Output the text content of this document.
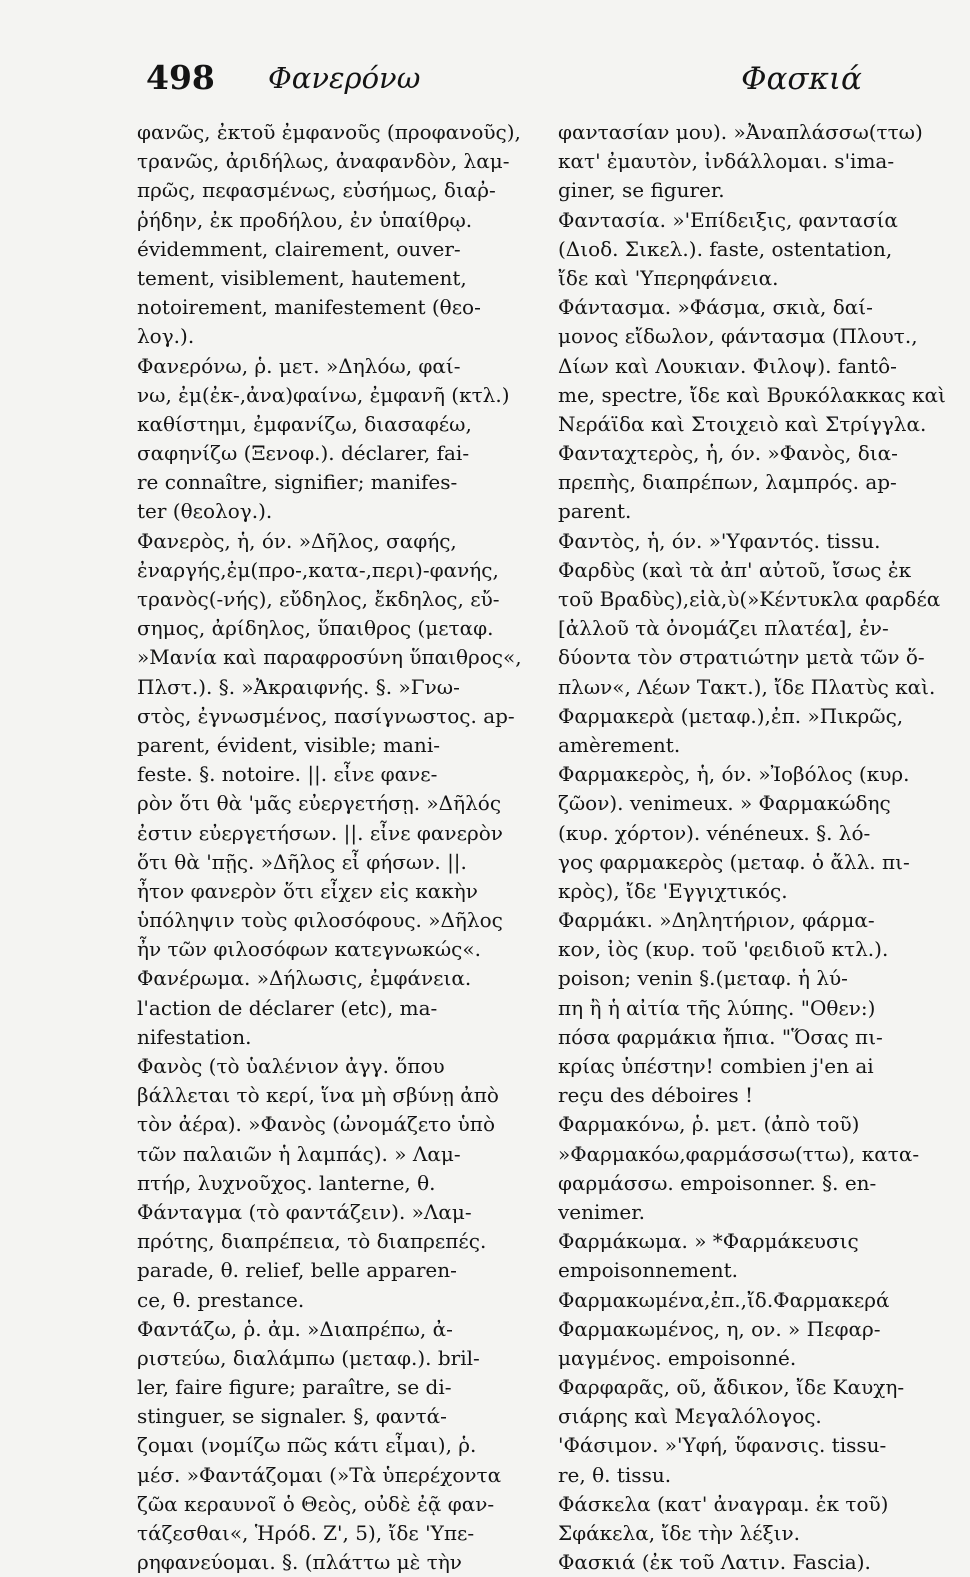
498 Φανερόνω	Φασκιά
φανῶς, ἐκτοῦ ἐμφανοῦς (προφανοῦς),
τρανῶς, ἀριδήλως, ἀναφανδὸν, λαμ-
πρῶς, πεφασμένως, εὐσήμως, διαῤ-
ῥήδην, ἐκ προδήλου, ἐν ὑπαίθρῳ.
évidemment, clairement, ouver-
tement, visiblement, hautement,
notoirement, manifestement (θεο-
λογ.).
Φανερόνω, ῥ. μετ. »Δηλόω, φαί-
νω, ἐμ(ἐκ-,ἀνα)φαίνω, ἐμφανῆ (κτλ.)
καθίστημι, ἐμφανίζω, διασαφέω,
σαφηνίζω (Ξενοφ.). déclarer, fai-
re connaître, signifier; manifes-
ter (θεολογ.).
Φανερὸς, ἡ, όν. »Δῆλος, σαφής,
ἐναργής,ἐμ(προ-,κατα-,περι)-φανής,
τρανὸς(-νής), εὔδηλος, ἔκδηλος, εὔ-
σημος, ἀρίδηλος, ὕπαιθρος (μεταφ.
»Μανία καὶ παραφροσύνη ὕπαιθρος«,
Πλστ.). §. »Ἀκραιφνής. §. »Γνω-
στὸς, ἐγνωσμένος, πασίγνωστος. ap-
parent, évident, visible; mani-
feste. §. notoire. ||. εἶνε φανε-
ρὸν ὅτι θὰ 'μᾶς εὐεργετήσῃ. »Δῆλός
ἐστιν εὐεργετήσων. ||. εἶνε φανερὸν
ὅτι θὰ 'πῇς. »Δῆλος εἶ φήσων. ||.
ἦτον φανερὸν ὅτι εἶχεν εἰς κακὴν
ὑπόληψιν τοὺς φιλοσόφους. »Δῆλος
ἦν τῶν φιλοσόφων κατεγνωκώς«.
Φανέρωμα. »Δήλωσις, ἐμφάνεια.
l'action de déclarer (etc), ma-
nifestation.
Φανὸς (τὸ ὑαλένιον ἀγγ. ὅπου
βάλλεται τὸ κερί, ἵνα μὴ σβύνῃ ἀπὸ
τὸν ἀέρα). »Φανὸς (ὠνομάζετο ὑπὸ
τῶν παλαιῶν ἡ λαμπάς). » Λαμ-
πτήρ, λυχνοῦχος. lanterne, θ.
Φάνταγμα (τὸ φαντάζειν). »Λαμ-
πρότης, διαπρέπεια, τὸ διαπρεπές.
parade, θ. relief, belle apparen-
ce, θ. prestance.
Φαντάζω, ῥ. ἀμ. »Διαπρέπω, ἀ-
ριστεύω, διαλάμπω (μεταφ.). bril-
ler, faire figure; paraître, se di-
stinguer, se signaler. §, φαντά-
ζομαι (νομίζω πῶς κάτι εἶμαι), ῥ.
μέσ. »Φαντάζομαι (»Τὰ ὑπερέχοντα
ζῶα κεραυνοῖ ὁ Θεὸς, οὐδὲ ἐᾷ φαν-
τάζεσθαι«, Ἡρόδ. Ζ', 5), ἴδε 'Υπε-
ρηφανεύομαι. §. (πλάττω μὲ τὴν
φαντασίαν μου). »Ἀναπλάσσω(ττω)
κατ' ἐμαυτὸν, ἰνδάλλομαι. s'ima-
giner, se figurer.
Φαντασία. »'Επίδειξις, φαντασία
(Διοδ. Σικελ.). faste, ostentation,
ἴδε καὶ 'Υπερηφάνεια.
Φάντασμα. »Φάσμα, σκιὰ, δαί-
μονος εἴδωλον, φάντασμα (Πλουτ.,
Δίων καὶ Λουκιαν. Φιλοψ). fantô-
me, spectre, ἴδε καὶ Βρυκόλακκας καὶ
Νεράϊδα καὶ Στοιχειὸ καὶ Στρίγγλα.
Φανταχτερὸς, ἡ, όν. »Φανὸς, δια-
πρεπὴς, διαπρέπων, λαμπρός. ap-
parent.
Φαντὸς, ἡ, όν. »'Υφαντός. tissu.
Φαρδὺς (καὶ τὰ ἀπ' αὐτοῦ, ἴσως ἐκ
τοῦ Βραδὺς),εἰὰ,ὺ(»Κέντυκλα φαρδέα
[ἀλλοῦ τὰ ὀνομάζει πλατέα], ἐν-
δύοντα τὸν στρατιώτην μετὰ τῶν ὅ-
πλων«, Λέων Τακτ.), ἴδε Πλατὺς καὶ.
Φαρμακερὰ (μεταφ.),ἐπ. »Πικρῶς,
amèrement.
Φαρμακερὸς, ἡ, όν. »Ἰοβόλος (κυρ.
ζῶον). venimeux. » Φαρμακώδης
(κυρ. χόρτον). vénéneux. §. λό-
γος φαρμακερὸς (μεταφ. ὁ ἄλλ. πι-
κρὸς), ἴδε 'Εγγιχτικός.
Φαρμάκι. »Δηλητήριον, φάρμα-
κον, ἰὸς (κυρ. τοῦ 'φειδιοῦ κτλ.).
poison; venin §.(μεταφ. ἡ λύ-
πη ἢ ἡ αἰτία τῆς λύπης. "Οθεν:)
πόσα φαρμάκια ἤπια. "Ὅσας πι-
κρίας ὑπέστην! combien j'en ai
reçu des déboires !
Φαρμακόνω, ῥ. μετ. (ἀπὸ τοῦ)
»Φαρμακόω,φαρμάσσω(ττω), κατα-
φαρμάσσω. empoisonner. §. en-
venimer.
Φαρμάκωμα. » *Φαρμάκευσις
empoisonnement.
Φαρμακωμένα,ἐπ.,ἴδ.Φαρμακερά
Φαρμακωμένος, η, ον. » Πεφαρ-
μαγμένος. empoisonné.
Φαρφαρᾶς, οῦ, ἄδικον, ἴδε Καυχη-
σιάρης καὶ Μεγαλόλογος.
'Φάσιμον. »'Υφή, ὕφανσις. tissu-
re, θ. tissu.
Φάσκελα (κατ' ἀναγραμ. ἐκ τοῦ)
Σφάκελα, ἴδε τὴν λέξιν.
Φασκιά (ἐκ τοῦ Λατιν. Fascia).
